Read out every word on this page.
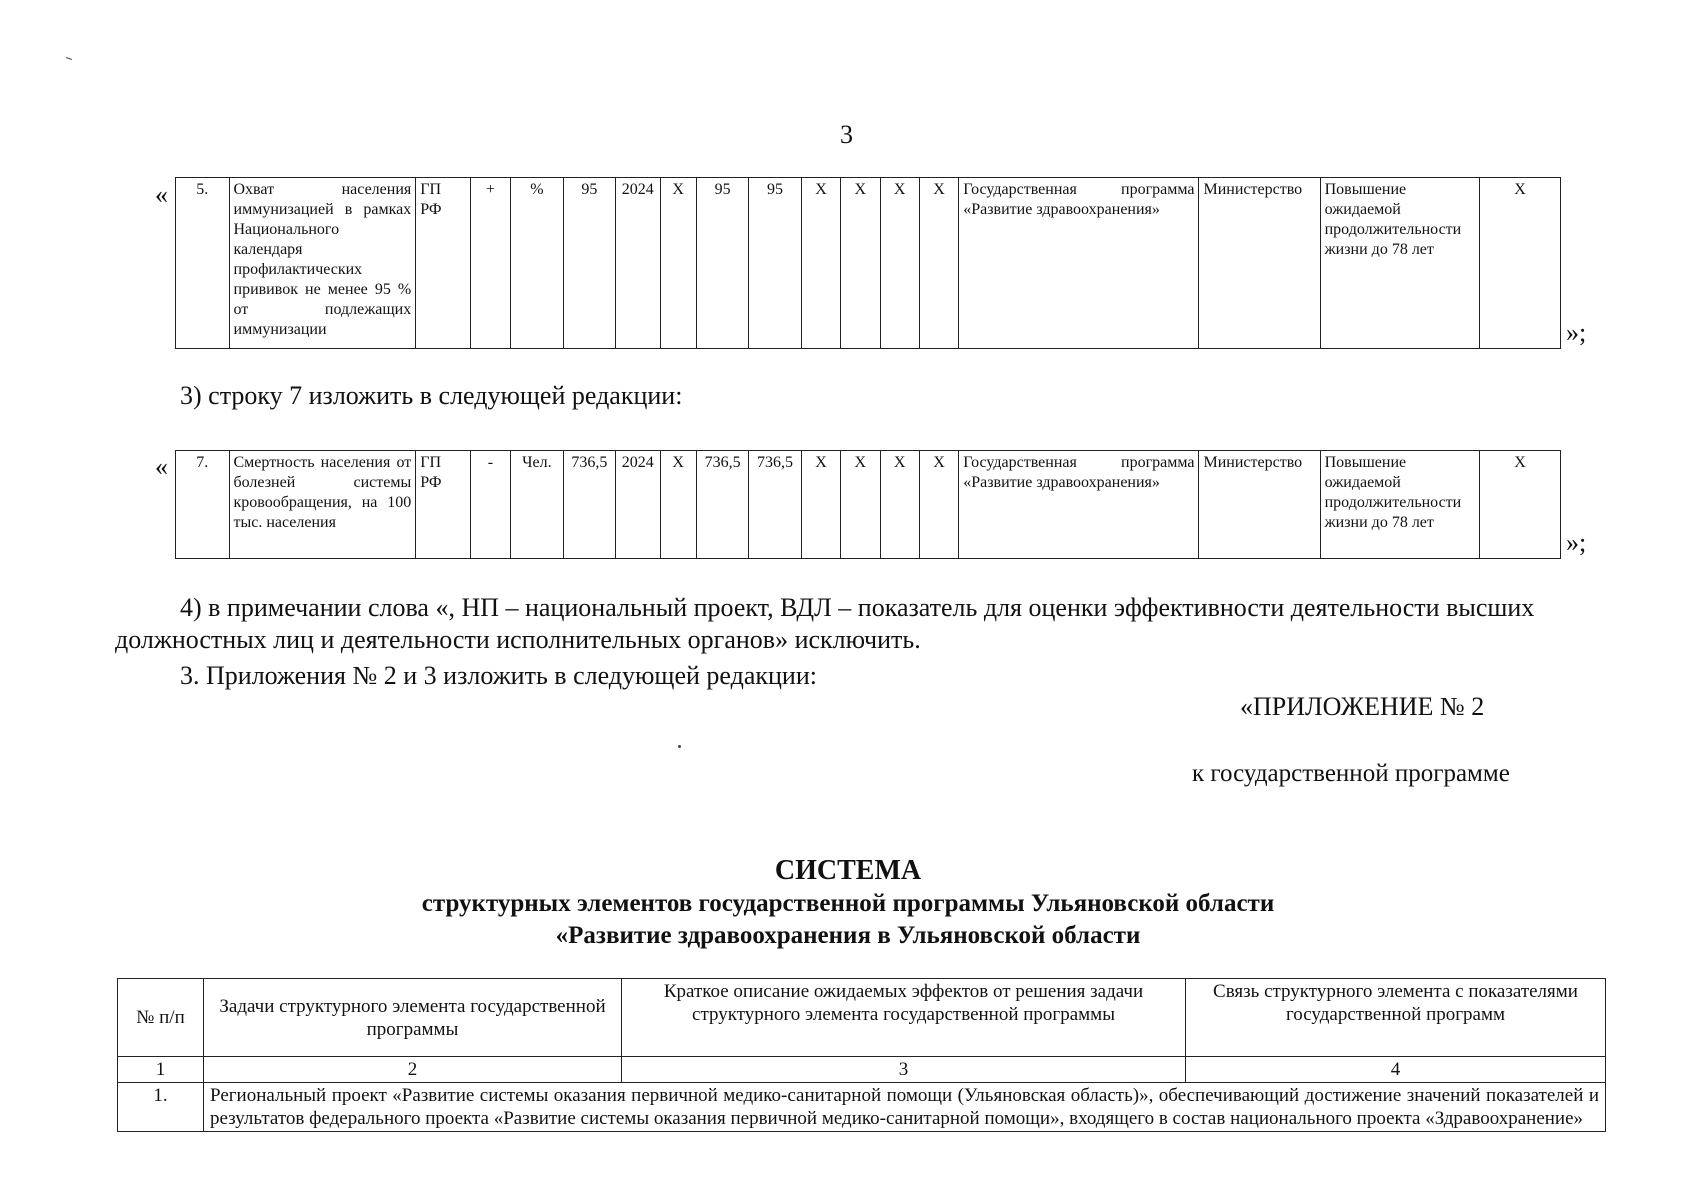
3
« 5.	Охват населения иммунизацией в рамках Национального календаря профилактических прививок не менее 95 % от подлежащих иммунизации	ГП РФ	+	%	95	2024	X	95	95	X	X	X	X	Государственная программа «Развитие здравоохранения»	Министерство	Повышение ожидаемой продолжительности жизни до 78 лет	X
»;
3) строку 7 изложить в следующей редакции:
« 7.	Смертность населения от болезней системы кровообращения, на 100 тыс. населения	ГП РФ	-	Чел.	736,5	2024	X	736,5	736,5	X	X	X	X	Государственная программа «Развитие здравоохранения»	Министерство	Повышение ожидаемой продолжительности жизни до 78 лет	X
»;
4) в примечании слова «, НП – национальный проект, ВДЛ – показатель для оценки эффективности деятельности высших должностных лиц и деятельности исполнительных органов» исключить.
3. Приложения № 2 и 3 изложить в следующей редакции:
«ПРИЛОЖЕНИЕ № 2
к государственной программе
СИСТЕМА
структурных элементов государственной программы Ульяновской области
«Развитие здравоохранения в Ульяновской области
№ п/п	Задачи структурного элемента государственной программы	Краткое описание ожидаемых эффектов от решения задачи структурного элемента государственной программы	Связь структурного элемента с показателями государственной программ
1	2	3	4
1.	Региональный проект «Развитие системы оказания первичной медико-санитарной помощи (Ульяновская область)», обеспечивающий достижение значений показателей и результатов федерального проекта «Развитие системы оказания первичной медико-санитарной помощи», входящего в состав национального проекта «Здравоохранение»		
